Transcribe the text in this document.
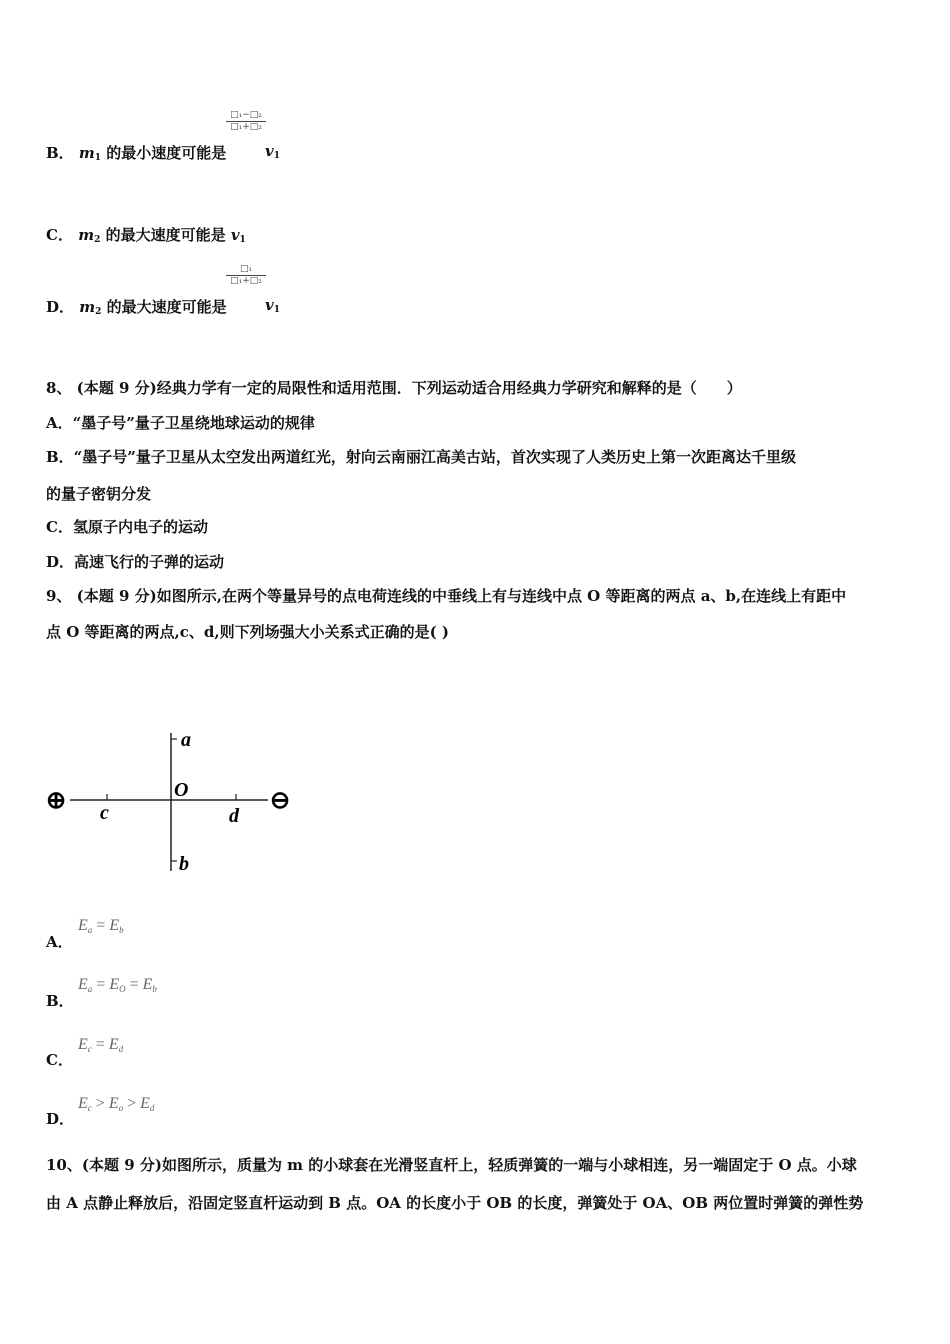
B． $m_1$ 的最小速度可能是
□₁−□₂
□₁+□₂
$v_1$
C． $m_2$ 的最大速度可能是 $v_1$
D． $m_2$ 的最大速度可能是
□₁
□₁+□₂
$v_1$
8、 (本题 9 分)经典力学有一定的局限性和适用范围．下列运动适合用经典力学研究和解释的是（　　）
A．“墨子号”量子卫星绕地球运动的规律
B．“墨子号”量子卫星从太空发出两道红光，射向云南丽江高美古站，首次实现了人类历史上第一次距离达千里级
的量子密钥分发
C．氢原子内电子的运动
D．高速飞行的子弹的运动
9、 (本题 9 分)如图所示,在两个等量异号的点电荷连线的中垂线上有与连线中点 O 等距离的两点 a、b,在连线上有距中
点 O 等距离的两点,c、d,则下列场强大小关系式正确的是( )
⊕	⊖
a
b
c	d
O
A．
Ea = Eb
B．
Ea = EO = Eb
C．
Ec = Ed
D．
Ec > Eo > Ed
10、(本题 9 分)如图所示，质量为 m 的小球套在光滑竖直杆上，轻质弹簧的一端与小球相连，另一端固定于 O 点。小球
由 A 点静止释放后，沿固定竖直杆运动到 B 点。OA 的长度小于 OB 的长度，弹簧处于 OA、OB 两位置时弹簧的弹性势
